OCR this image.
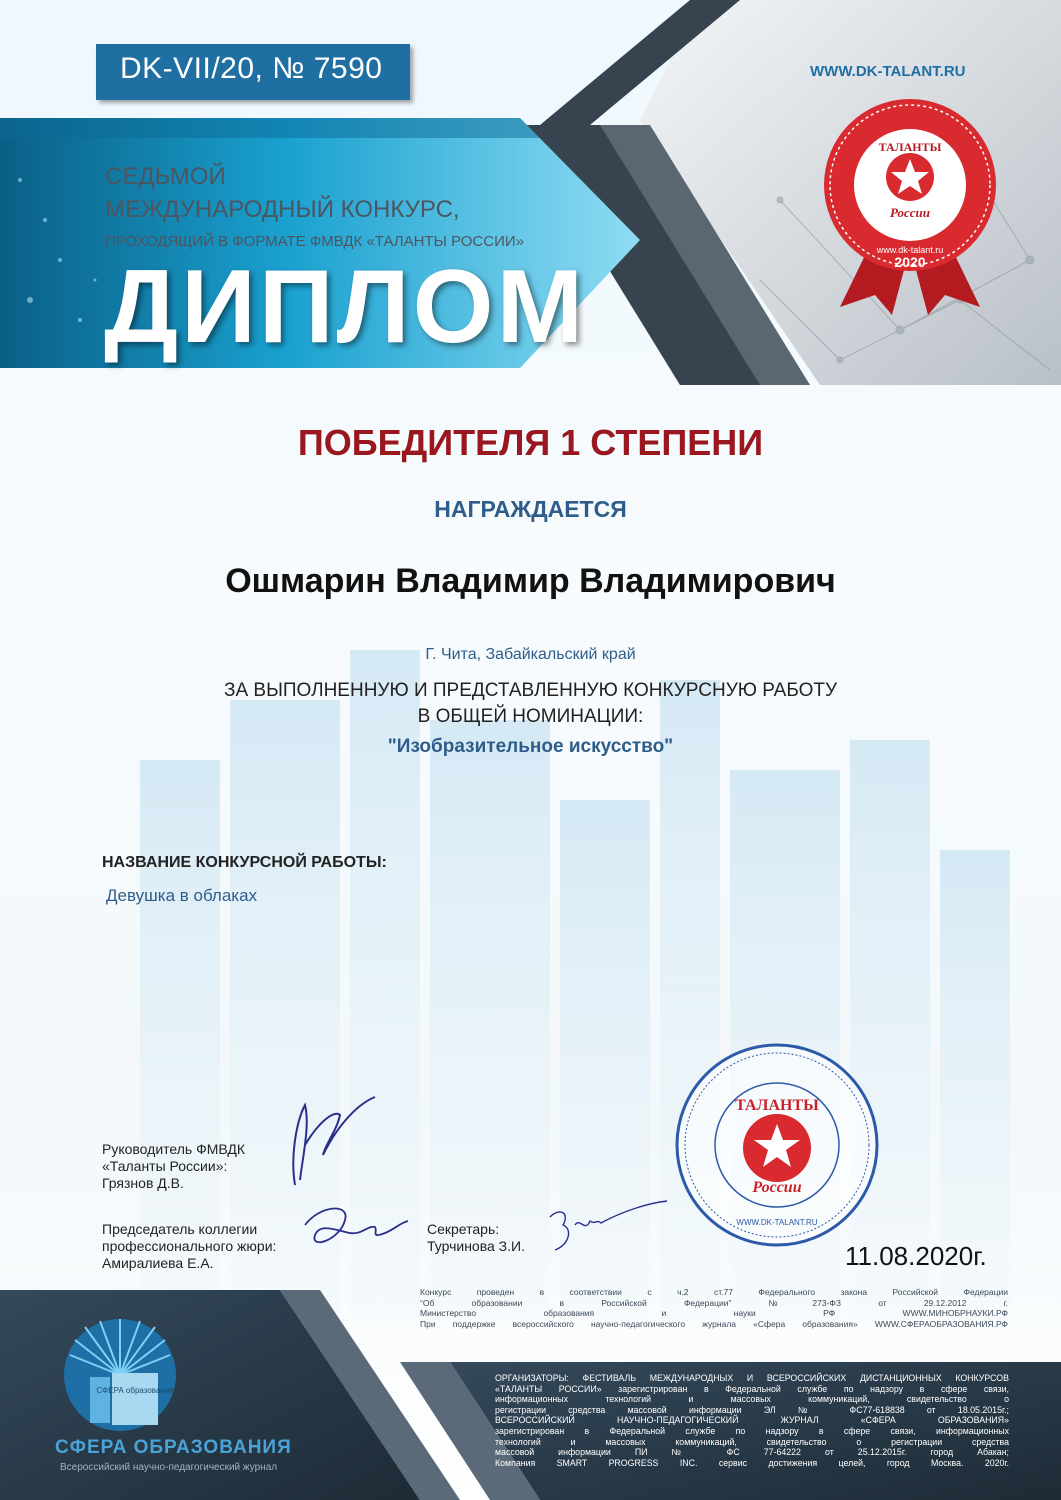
DK-VII/20, № 7590	WWW.DK-TALANT.RU
СЕДЬМОЙ
МЕЖДУНАРОДНЫЙ КОНКУРС,
ПРОХОДЯЩИЙ В ФОРМАТЕ ФМВДК «ТАЛАНТЫ РОССИИ»
ДИПЛОМ
ТАЛАНТЫ
России
www.dk-talant.ru
2020
ПОБЕДИТЕЛЯ 1 СТЕПЕНИ
НАГРАЖДАЕТСЯ
Ошмарин Владимир Владимирович
Г. Чита, Забайкальский край
ЗА ВЫПОЛНЕННУЮ И ПРЕДСТАВЛЕННУЮ КОНКУРСНУЮ РАБОТУ
В ОБЩЕЙ НОМИНАЦИИ:
"Изобразительное искусство"
НАЗВАНИЕ КОНКУРСНОЙ РАБОТЫ:
Девушка в облаках
Руководитель ФМВДК
«Таланты России»:
Грязнов Д.В.
Председатель коллегии
профессионального жюри:
Амиралиева Е.А.
Секретарь:
Турчинова З.И.
ТАЛАНТЫ
России
WWW.DK-TALANT.RU
11.08.2020г.
Конкурс проведен в соответствии с ч.2 ст.77 Федерального закона Российской Федерации
“Об образовании в Российской Федерации” №273-ФЗ от 29.12.2012 г.
Министерство образования и науки РФ WWW.МИНОБРНАУКИ.РФ
При поддержке всероссийского научно-педагогического журнала «Сфера образования» WWW.СФЕРАОБРАЗОВАНИЯ.РФ
ОРГАНИЗАТОРЫ: ФЕСТИВАЛЬ МЕЖДУНАРОДНЫХ И ВСЕРОССИЙСКИХ ДИСТАНЦИОННЫХ КОНКУРСОВ
«ТАЛАНТЫ РОССИИ» зарегистрирован в Федеральной службе по надзору в сфере связи,
информационных технологий и массовых коммуникаций, свидетельство о
регистрации средства массовой информации ЭЛ № ФС77-618838 от 18.05.2015г.;
ВСЕРОССИЙСКИЙ НАУЧНО-ПЕДАГОГИЧЕСКИЙ ЖУРНАЛ «СФЕРА ОБРАЗОВАНИЯ»
зарегистрирован в Федеральной службе по надзору в сфере связи, информационных
технологий и массовых коммуникаций, свидетельство о регистрации средства
массовой информации ПИ № ФС 77-64222 от 25.12.2015г. город Абакан;
Компания SMART PROGRESS INC. сервис достижения целей, город Москва. 2020г.
СФЕРА образования
СФЕРА ОБРАЗОВАНИЯ
Всероссийский научно-педагогический журнал
